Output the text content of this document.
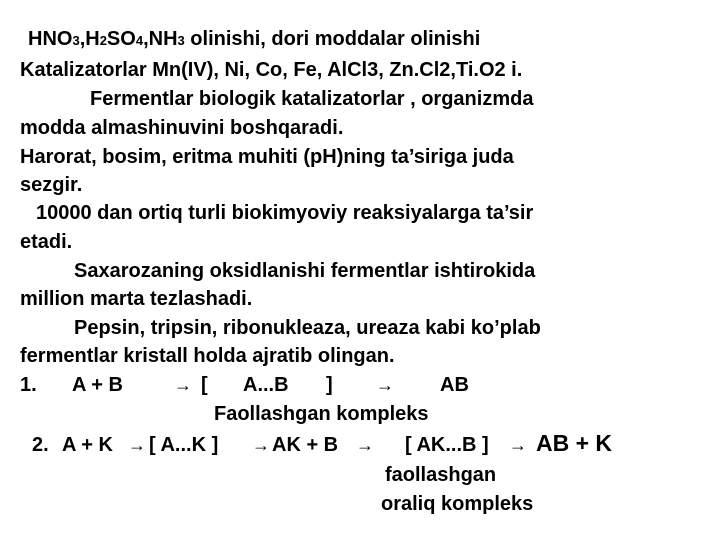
HNO3,H2SO4,NH3 olinishi, dori moddalar olinishi
Katalizatorlar Mn(IV), Ni, Co, Fe, AlCl3, Zn.Cl2,Ti.O2 i.
Fermentlar biologik katalizatorlar , organizmda
modda almashinuvini boshqaradi.
Harorat, bosim, eritma muhiti (pH)ning ta’siriga juda
sezgir.
10000 dan ortiq turli biokimyoviy reaksiyalarga ta’sir
etadi.
Saxarozaning oksidlanishi fermentlar ishtirokida
million marta tezlashadi.
Pepsin, tripsin, ribonukleaza, ureaza kabi ko’plab
fermentlar kristall holda ajratib olingan.
1. A + B	→ [ A...B ] → AB
Faollashgan kompleks
2. A + K → [ A...K ] → AK + B → [ AK...B ] → AB + K
faollashgan
oraliq kompleks
